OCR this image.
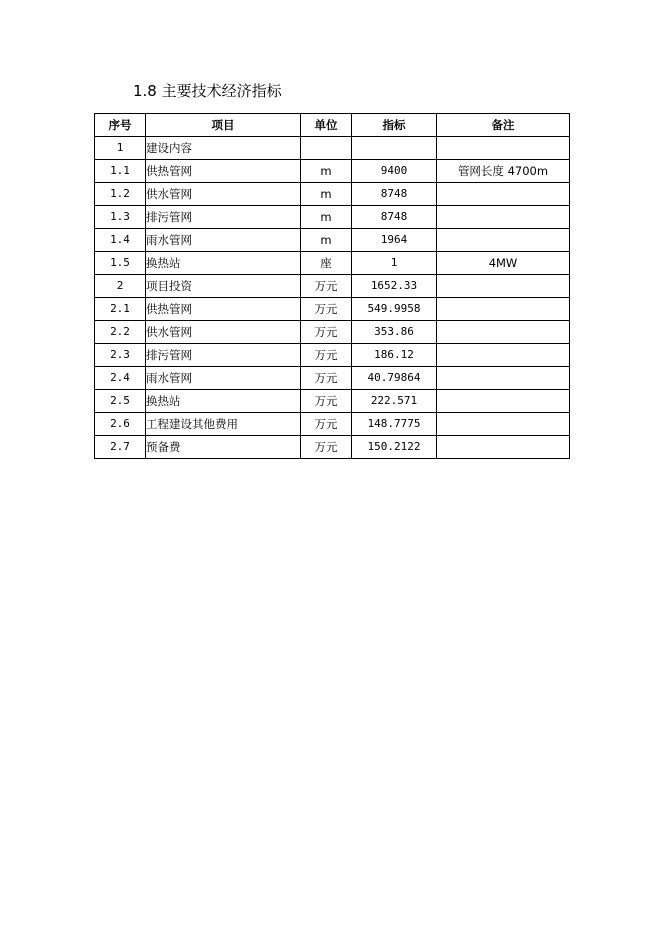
1.8 主要技术经济指标
序号	项目	单位	指标	备注
1	建设内容			
1.1	供热管网	m	9400	管网长度 4700m
1.2	供水管网	m	8748	
1.3	排污管网	m	8748	
1.4	雨水管网	m	1964	
1.5	换热站	座	1	4MW
2	项目投资	万元	1652.33	
2.1	供热管网	万元	549.9958	
2.2	供水管网	万元	353.86	
2.3	排污管网	万元	186.12	
2.4	雨水管网	万元	40.79864	
2.5	换热站	万元	222.571	
2.6	工程建设其他费用	万元	148.7775	
2.7	预备费	万元	150.2122	
